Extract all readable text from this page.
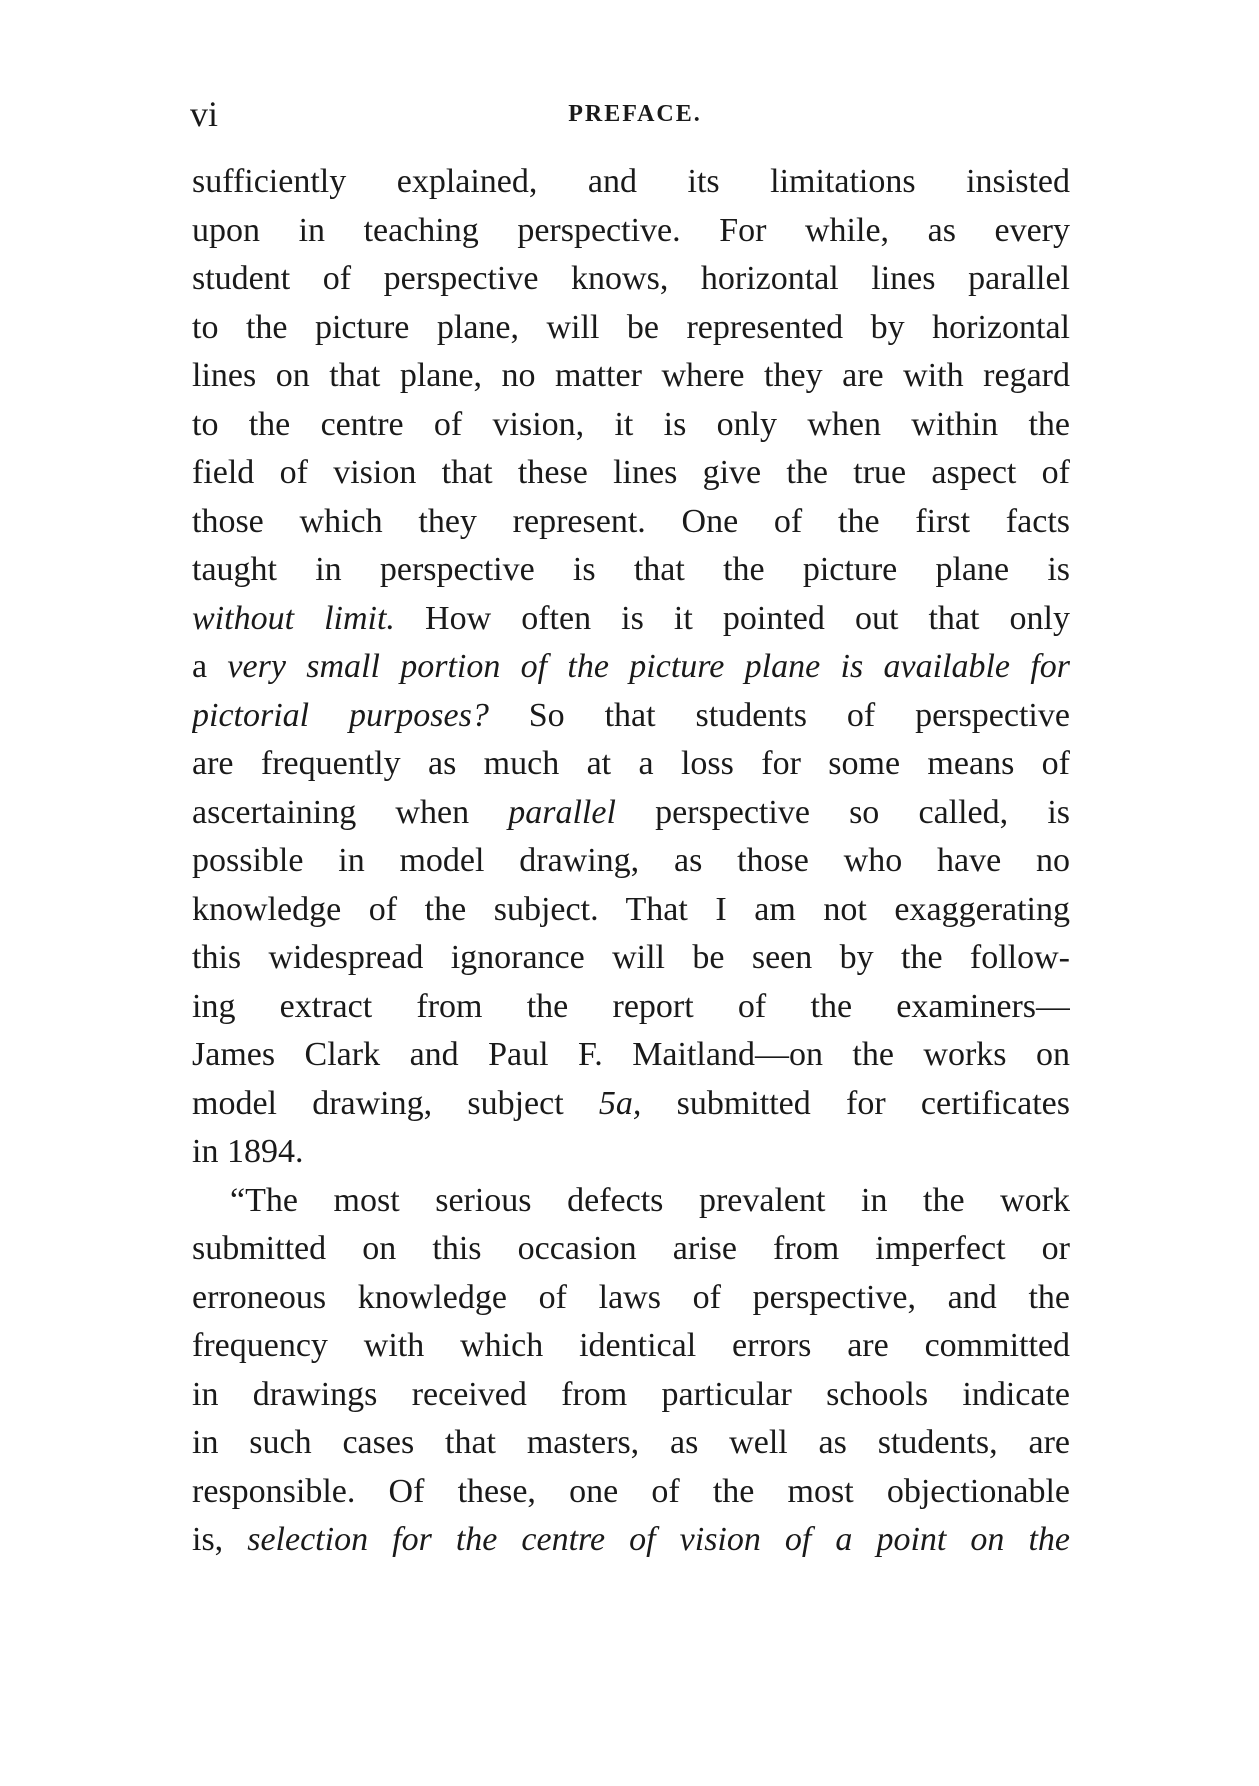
vi	PREFACE.
sufficiently explained, and its limitations insisted
upon in teaching perspective. For while, as every
student of perspective knows, horizontal lines parallel
to the picture plane, will be represented by horizontal
lines on that plane, no matter where they are with regard
to the centre of vision, it is only when within the
field of vision that these lines give the true aspect of
those which they represent. One of the first facts
taught in perspective is that the picture plane is
without limit. How often is it pointed out that only
a very small portion of the picture plane is available for
pictorial purposes? So that students of perspective
are frequently as much at a loss for some means of
ascertaining when parallel perspective so called, is
possible in model drawing, as those who have no
knowledge of the subject. That I am not exaggerating
this widespread ignorance will be seen by the follow-
ing extract from the report of the examiners—
James Clark and Paul F. Maitland—on the works on
model drawing, subject 5a, submitted for certificates
in 1894.
“The most serious defects prevalent in the work
submitted on this occasion arise from imperfect or
erroneous knowledge of laws of perspective, and the
frequency with which identical errors are committed
in drawings received from particular schools indicate
in such cases that masters, as well as students, are
responsible. Of these, one of the most objectionable
is, selection for the centre of vision of a point on the
